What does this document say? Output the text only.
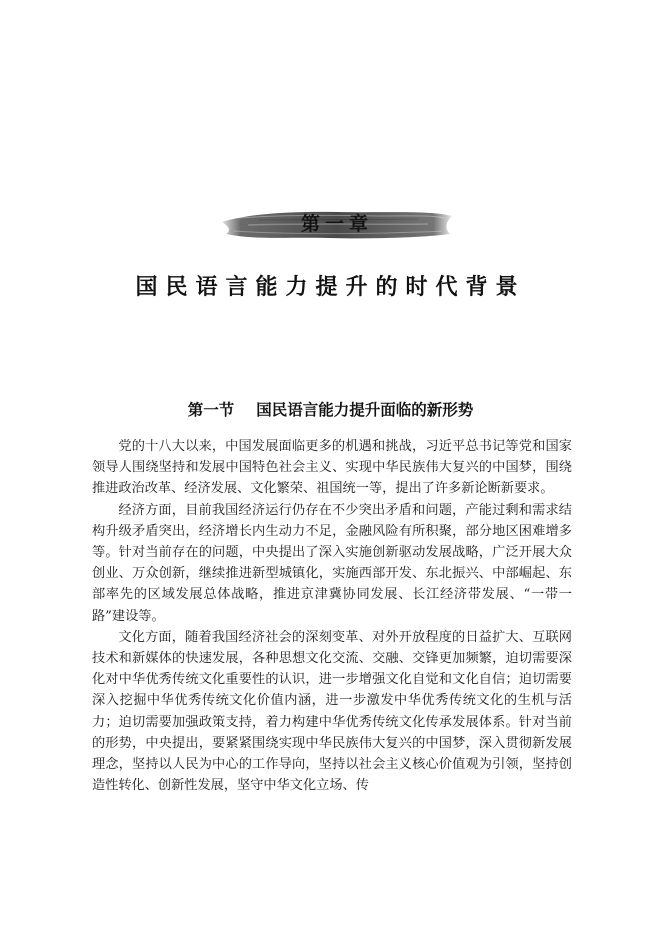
第一章
国民语言能力提升的时代背景
第一节 国民语言能力提升面临的新形势

党的十八大以来，中国发展面临更多的机遇和挑战，习近平总书记等党和国家领导人围绕坚持和发展中国特色社会主义、实现中华民族伟大复兴的中国梦，围绕推进政治改革、经济发展、文化繁荣、祖国统一等，提出了许多新论断新要求。

经济方面，目前我国经济运行仍存在不少突出矛盾和问题，产能过剩和需求结构升级矛盾突出，经济增长内生动力不足，金融风险有所积聚，部分地区困难增多等。针对当前存在的问题，中央提出了深入实施创新驱动发展战略，广泛开展大众创业、万众创新，继续推进新型城镇化，实施西部开发、东北振兴、中部崛起、东部率先的区域发展总体战略，推进京津冀协同发展、长江经济带发展、“一带一路”建设等。

文化方面，随着我国经济社会的深刻变革、对外开放程度的日益扩大、互联网技术和新媒体的快速发展，各种思想文化交流、交融、交锋更加频繁，迫切需要深化对中华优秀传统文化重要性的认识，进一步增强文化自觉和文化自信；迫切需要深入挖掘中华优秀传统文化价值内涵，进一步激发中华优秀传统文化的生机与活力；迫切需要加强政策支持，着力构建中华优秀传统文化传承发展体系。针对当前的形势，中央提出，要紧紧围绕实现中华民族伟大复兴的中国梦，深入贯彻新发展理念，坚持以人民为中心的工作导向，坚持以社会主义核心价值观为引领，坚持创造性转化、创新性发展，坚守中华文化立场、传
